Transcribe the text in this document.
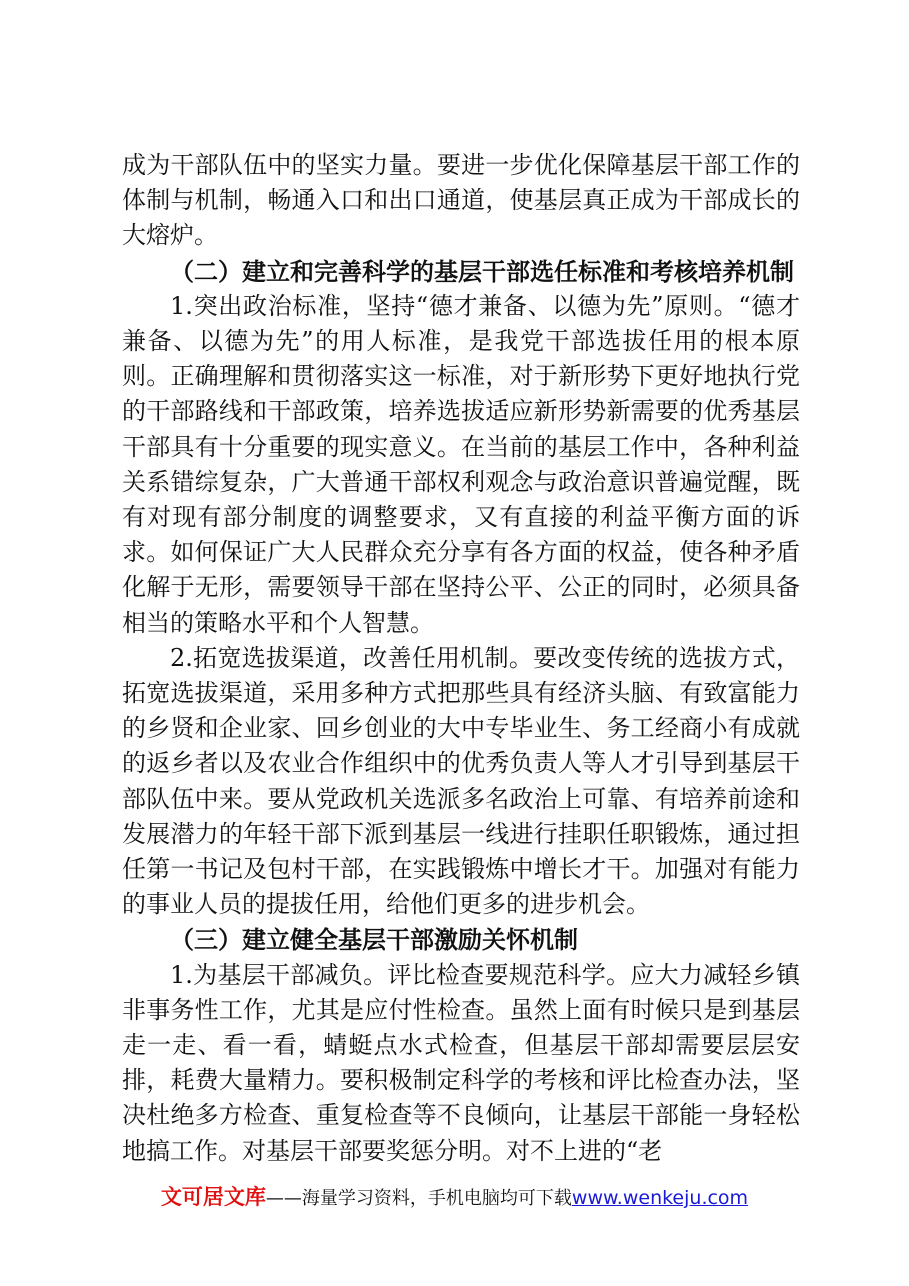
成为干部队伍中的坚实力量。要进一步优化保障基层干部工作的体制与机制，畅通入口和出口通道，使基层真正成为干部成长的大熔炉。

（二）建立和完善科学的基层干部选任标准和考核培养机制

1.突出政治标准，坚持“德才兼备、以德为先”原则。“德才兼备、以德为先”的用人标准，是我党干部选拔任用的根本原则。正确理解和贯彻落实这一标准，对于新形势下更好地执行党的干部路线和干部政策，培养选拔适应新形势新需要的优秀基层干部具有十分重要的现实意义。在当前的基层工作中，各种利益关系错综复杂，广大普通干部权利观念与政治意识普遍觉醒，既有对现有部分制度的调整要求，又有直接的利益平衡方面的诉求。如何保证广大人民群众充分享有各方面的权益，使各种矛盾化解于无形，需要领导干部在坚持公平、公正的同时，必须具备相当的策略水平和个人智慧。

2.拓宽选拔渠道，改善任用机制。要改变传统的选拔方式，拓宽选拔渠道，采用多种方式把那些具有经济头脑、有致富能力的乡贤和企业家、回乡创业的大中专毕业生、务工经商小有成就的返乡者以及农业合作组织中的优秀负责人等人才引导到基层干部队伍中来。要从党政机关选派多名政治上可靠、有培养前途和发展潜力的年轻干部下派到基层一线进行挂职任职锻炼，通过担任第一书记及包村干部，在实践锻炼中增长才干。加强对有能力的事业人员的提拔任用，给他们更多的进步机会。

（三）建立健全基层干部激励关怀机制

1.为基层干部减负。评比检查要规范科学。应大力减轻乡镇非事务性工作，尤其是应付性检查。虽然上面有时候只是到基层走一走、看一看，蜻蜓点水式检查，但基层干部却需要层层安排，耗费大量精力。要积极制定科学的考核和评比检查办法，坚决杜绝多方检查、重复检查等不良倾向，让基层干部能一身轻松地搞工作。对基层干部要奖惩分明。对不上进的“老

文可居文库——海量学习资料，手机电脑均可下载www.wenkeju.com
